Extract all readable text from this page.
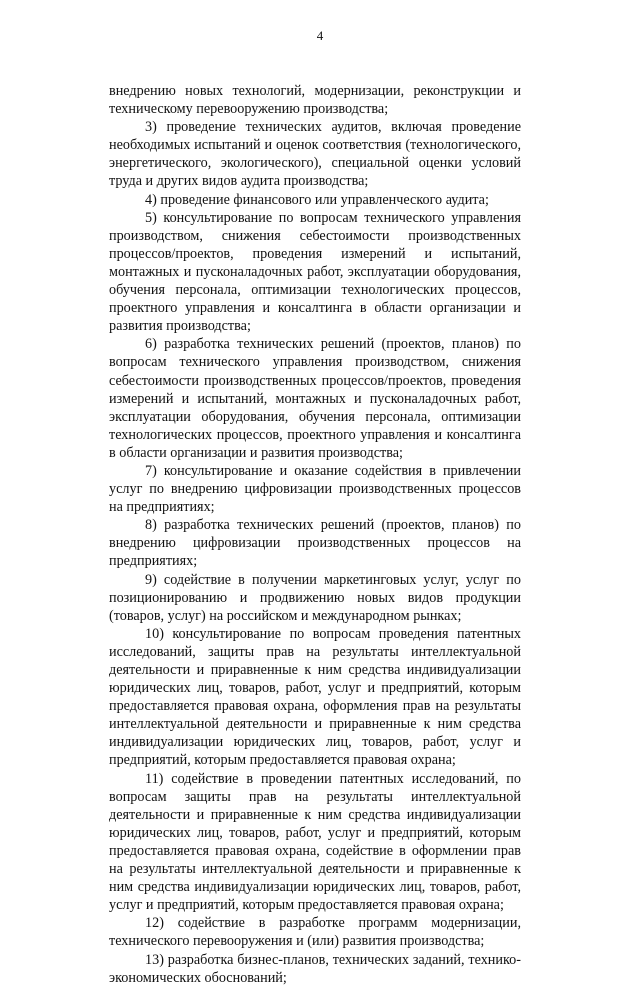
4

внедрению новых технологий, модернизации, реконструкции и техническому перевооружению производства;

3) проведение технических аудитов, включая проведение необходимых испытаний и оценок соответствия (технологического, энергетического, экологического), специальной оценки условий труда и других видов аудита производства;

4) проведение финансового или управленческого аудита;

5) консультирование по вопросам технического управления производством, снижения себестоимости производственных процессов/проектов, проведения измерений и испытаний, монтажных и пусконаладочных работ, эксплуатации оборудования, обучения персонала, оптимизации технологических процессов, проектного управления и консалтинга в области организации и развития производства;

6) разработка технических решений (проектов, планов) по вопросам технического управления производством, снижения себестоимости производственных процессов/проектов, проведения измерений и испытаний, монтажных и пусконаладочных работ, эксплуатации оборудования, обучения персонала, оптимизации технологических процессов, проектного управления и консалтинга в области организации и развития производства;

7) консультирование и оказание содействия в привлечении услуг по внедрению цифровизации производственных процессов на предприятиях;

8) разработка технических решений (проектов, планов) по внедрению цифровизации производственных процессов на предприятиях;

9) содействие в получении маркетинговых услуг, услуг по позиционированию и продвижению новых видов продукции (товаров, услуг) на российском и международном рынках;

10) консультирование по вопросам проведения патентных исследований, защиты прав на результаты интеллектуальной деятельности и приравненные к ним средства индивидуализации юридических лиц, товаров, работ, услуг и предприятий, которым предоставляется правовая охрана, оформления прав на результаты интеллектуальной деятельности и приравненные к ним средства индивидуализации юридических лиц, товаров, работ, услуг и предприятий, которым предоставляется правовая охрана;

11) содействие в проведении патентных исследований, по вопросам защиты прав на результаты интеллектуальной деятельности и приравненные к ним средства индивидуализации юридических лиц, товаров, работ, услуг и предприятий, которым предоставляется правовая охрана, содействие в оформлении прав на результаты интеллектуальной деятельности и приравненные к ним средства индивидуализации юридических лиц, товаров, работ, услуг и предприятий, которым предоставляется правовая охрана;

12) содействие в разработке программ модернизации, технического перевооружения и (или) развития производства;

13) разработка бизнес-планов, технических заданий, технико-экономических обоснований;
